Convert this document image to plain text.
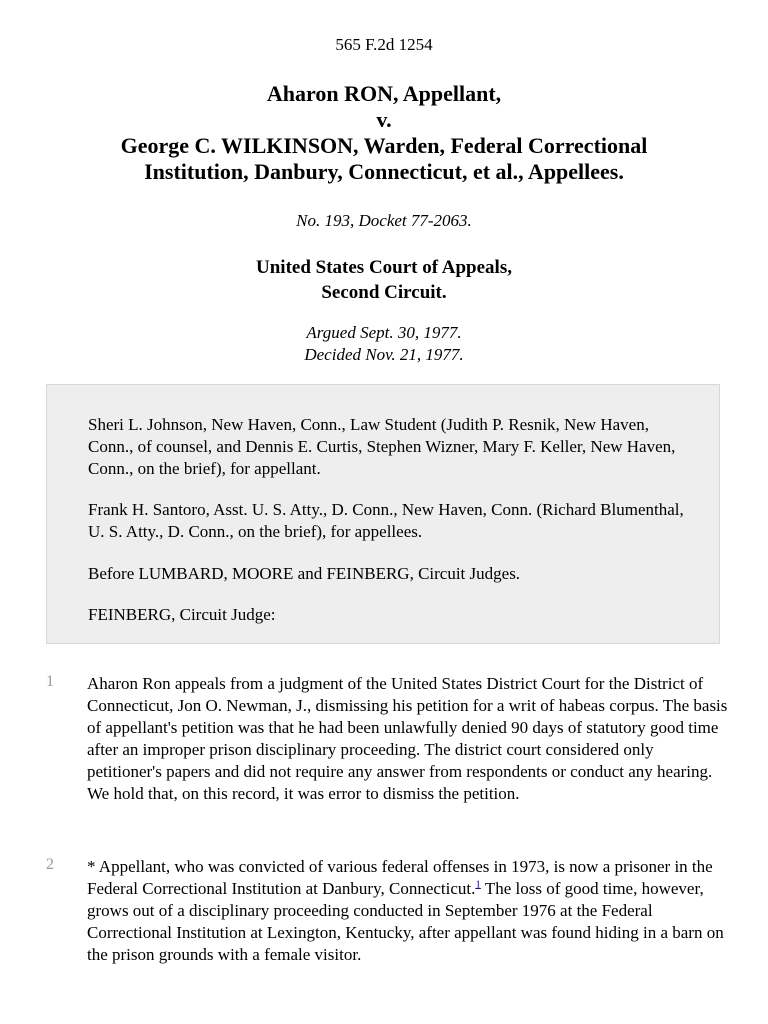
565 F.2d 1254
Aharon RON, Appellant,
v.
George C. WILKINSON, Warden, Federal Correctional
Institution, Danbury, Connecticut, et al., Appellees.
No. 193, Docket 77-2063.
United States Court of Appeals,
Second Circuit.
Argued Sept. 30, 1977.
Decided Nov. 21, 1977.

Sheri L. Johnson, New Haven, Conn., Law Student (Judith P. Resnik, New Haven, Conn., of counsel, and Dennis E. Curtis, Stephen Wizner, Mary F. Keller, New Haven, Conn., on the brief), for appellant.

Frank H. Santoro, Asst. U. S. Atty., D. Conn., New Haven, Conn. (Richard Blumenthal, U. S. Atty., D. Conn., on the brief), for appellees.

Before LUMBARD, MOORE and FEINBERG, Circuit Judges.

FEINBERG, Circuit Judge:

1 Aharon Ron appeals from a judgment of the United States District Court for the District of Connecticut, Jon O. Newman, J., dismissing his petition for a writ of habeas corpus. The basis of appellant's petition was that he had been unlawfully denied 90 days of statutory good time after an improper prison disciplinary proceeding. The district court considered only petitioner's papers and did not require any answer from respondents or conduct any hearing. We hold that, on this record, it was error to dismiss the petition.

2 * Appellant, who was convicted of various federal offenses in 1973, is now a prisoner in the Federal Correctional Institution at Danbury, Connecticut.$^1$ The loss of good time, however, grows out of a disciplinary proceeding conducted in September 1976 at the Federal Correctional Institution at Lexington, Kentucky, after appellant was found hiding in a barn on the prison grounds with a female visitor.
